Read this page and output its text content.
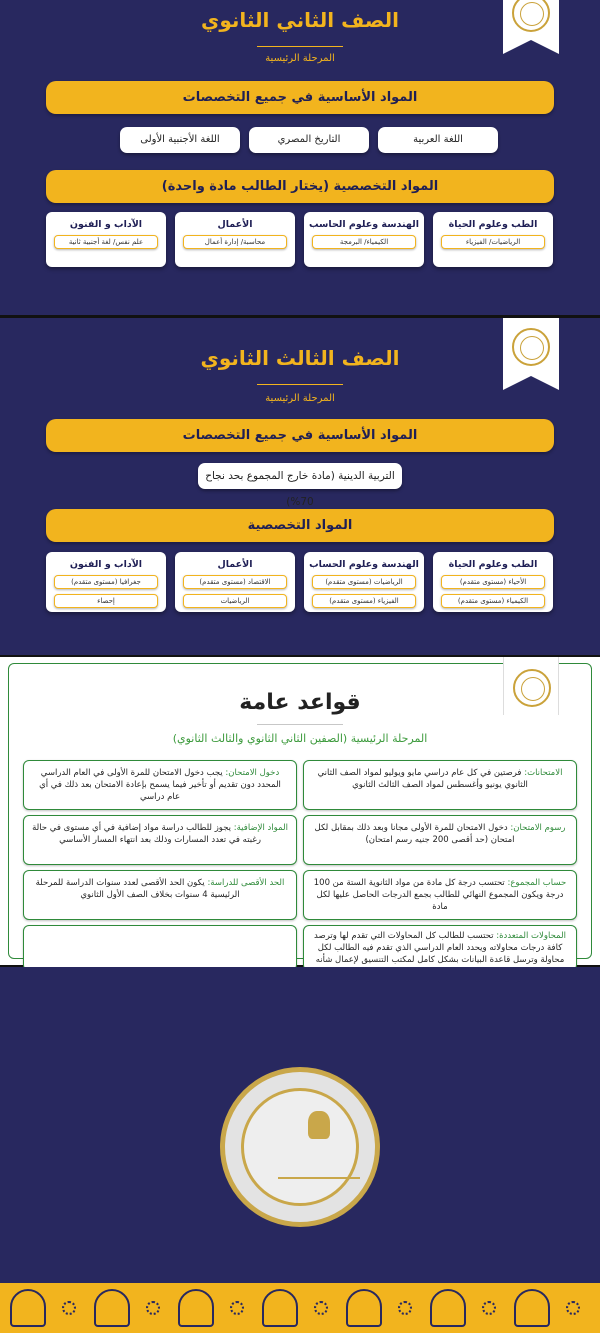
الصف الثاني الثانوي
المرحلة الرئيسية
المواد الأساسية في جميع التخصصات
اللغة العربية
التاريخ المصري
اللغة الأجنبية الأولى
المواد التخصصية (يختار الطالب مادة واحدة)
الطب وعلوم الحياة
الرياضيات/ الفيزياء
الهندسة وعلوم الحاسب
الكيمياء/ البرمجة
الأعمال
محاسبة/ إدارة أعمال
الآداب و الفنون
علم نفس/ لغة أجنبية ثانية
الصف الثالث الثانوي
المرحلة الرئيسية
المواد الأساسية في جميع التخصصات
التربية الدينية (مادة خارج المجموع بحد نجاح 70%)
المواد التخصصية
الطب وعلوم الحياة
الأحياء (مستوى متقدم)
الكيمياء (مستوى متقدم)
الهندسة وعلوم الحساب
الرياضيات (مستوى متقدم)
الفيزياء (مستوى متقدم)
الأعمال
الاقتصاد (مستوى متقدم)
الرياضيات
الآداب و الفنون
جغرافيا (مستوى متقدم)
إحصاء
قواعد عامة
المرحلة الرئيسية (الصفين الثاني الثانوي والثالث الثانوي)
الامتحانات: فرصتين في كل عام دراسي مايو ويوليو لمواد الصف الثاني الثانوي يونيو وأغسطس لمواد الصف الثالث الثانوي
دخول الامتحان: يجب دخول الامتحان للمرة الأولى في العام الدراسي المحدد دون تقديم أو تأخير فيما يسمح بإعادة الامتحان بعد ذلك في أي عام دراسي
رسوم الامتحان: دخول الامتحان للمرة الأولى مجانا وبعد ذلك بمقابل لكل امتحان (حد أقصى 200 جنيه رسم امتحان)
المواد الإضافية: يجوز للطالب دراسة مواد إضافية في أي مستوى في حالة رغبته في تعدد المسارات وذلك بعد انتهاء المسار الأساسي
حساب المجموع: تحتسب درجة كل مادة من مواد الثانوية الستة من 100 درجة ويكون المجموع النهائي للطالب بجمع الدرجات الحاصل عليها لكل مادة
الحد الأقصى للدراسة: يكون الحد الأقصى لعدد سنوات الدراسة للمرحلة الرئيسية 4 سنوات بخلاف الصف الأول الثانوي
المحاولات المتعددة: تحتسب للطالب كل المحاولات التي تقدم لها وترصد كافة درجات محاولاته ويحدد العام الدراسي الذي تقدم فيه الطالب لكل محاولة وترسل قاعدة البيانات بشكل كامل لمكتب التنسيق لإعمال شأنه
